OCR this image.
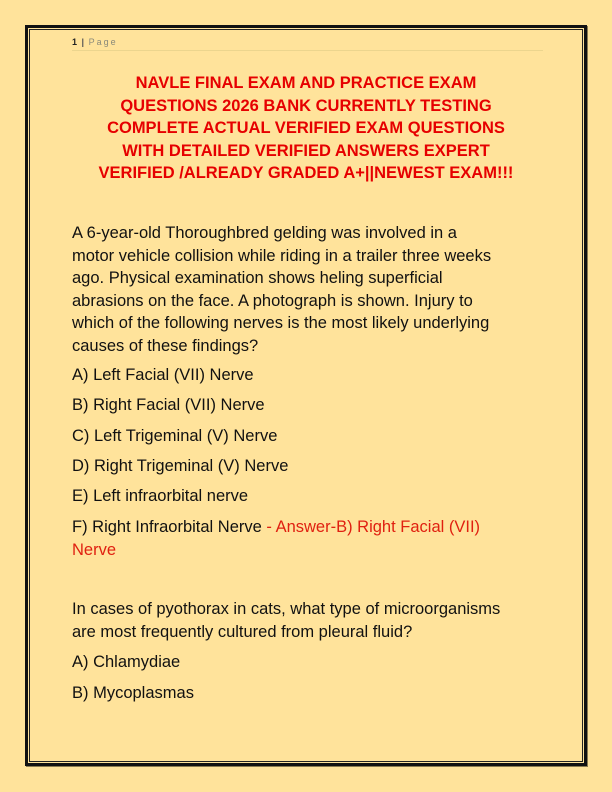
1 | Page
NAVLE FINAL EXAM AND PRACTICE EXAM
QUESTIONS 2026 BANK CURRENTLY TESTING
COMPLETE ACTUAL VERIFIED EXAM QUESTIONS
WITH DETAILED VERIFIED ANSWERS EXPERT
VERIFIED /ALREADY GRADED A+||NEWEST EXAM!!!
A 6-year-old Thoroughbred gelding was involved in a
motor vehicle collision while riding in a trailer three weeks
ago. Physical examination shows heling superficial
abrasions on the face. A photograph is shown. Injury to
which of the following nerves is the most likely underlying
causes of these findings?
A) Left Facial (VII) Nerve
B) Right Facial (VII) Nerve
C) Left Trigeminal (V) Nerve
D) Right Trigeminal (V) Nerve
E) Left infraorbital nerve
F) Right Infraorbital Nerve - Answer-B) Right Facial (VII)
Nerve
In cases of pyothorax in cats, what type of microorganisms
are most frequently cultured from pleural fluid?
A) Chlamydiae
B) Mycoplasmas
